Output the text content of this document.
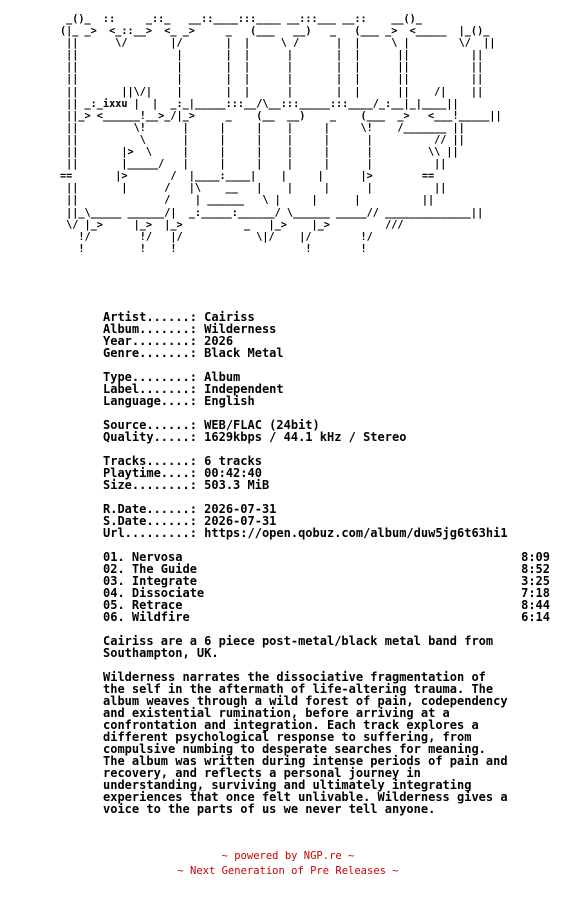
_()_  ::     _::_   __::____:::____ __:::___ __::    __()_
(|_ _>  <_::__>  <_ _>     _   (___   __)   _   (___ _>  <_____  |_()_
||      \/       |/       |  |     \ /      |  |     \ |        \/  ||
||                |       |  |      |       |  |      ||          ||
||                |       |  |      |       |  |      ||          ||
||                |       |  |      |       |  |      ||          ||
||       ||\/|    |       |  |      |       |  |      ||    /|    ||
|| _:_ixxu |  |  _:_|_____:::__/\__:::_____:::____/_:__|_|____||
||_> <______!__>_/|_>     _    (__  __)    _    (___  _>   <___!_____||
||         \!      |     |     |    |     |     \!    /_______ ||
||          \      |     |     |    |     |      |          // ||
||       |>  \     |     |     |    |     |      |         \\ ||
||       |_____/   |     |     |    |     |      |          ||
==       |>       /  |____:____|    |     |      |>        ==
||       |      /   |\    __   |    |     |      |          ||
||              /    | ______   \ |     |      |          ||
||_\_____ ______/|  _:_____:______/ \______ _____// ______________||
\/ |_>     |_>  |_>          _   |_>    |_>         ///
!/        !/   |/            \|/    |/        !/
!         !    !                     !        !
Artist......: Cairiss
Album.......: Wilderness
Year........: 2026
Genre.......: Black Metal
Type........: Album
Label.......: Independent
Language....: English
Source......: WEB/FLAC (24bit)
Quality.....: 1629kbps / 44.1 kHz / Stereo
Tracks......: 6 tracks
Playtime....: 00:42:40
Size........: 503.3 MiB
R.Date......: 2026-07-31
S.Date......: 2026-07-31
Url.........: https://open.qobuz.com/album/duw5jg6t63hi1
01. Nervosa	8:09
02. The Guide	8:52
03. Integrate	3:25
04. Dissociate	7:18
05. Retrace	8:44
06. Wildfire	6:14
Cairiss are a 6 piece post-metal/black metal band from
Southampton, UK.
Wilderness narrates the dissociative fragmentation of
the self in the aftermath of life-altering trauma. The
album weaves through a wild forest of pain, codependency
and existential rumination, before arriving at a
confrontation and integration. Each track explores a
different psychological response to suffering, from
compulsive numbing to desperate searches for meaning.
The album was written during intense periods of pain and
recovery, and reflects a personal journey in
understanding, surviving and ultimately integrating
experiences that once felt unlivable. Wilderness gives a
voice to the parts of us we never tell anyone.
~ powered by NGP.re ~
~ Next Generation of Pre Releases ~
